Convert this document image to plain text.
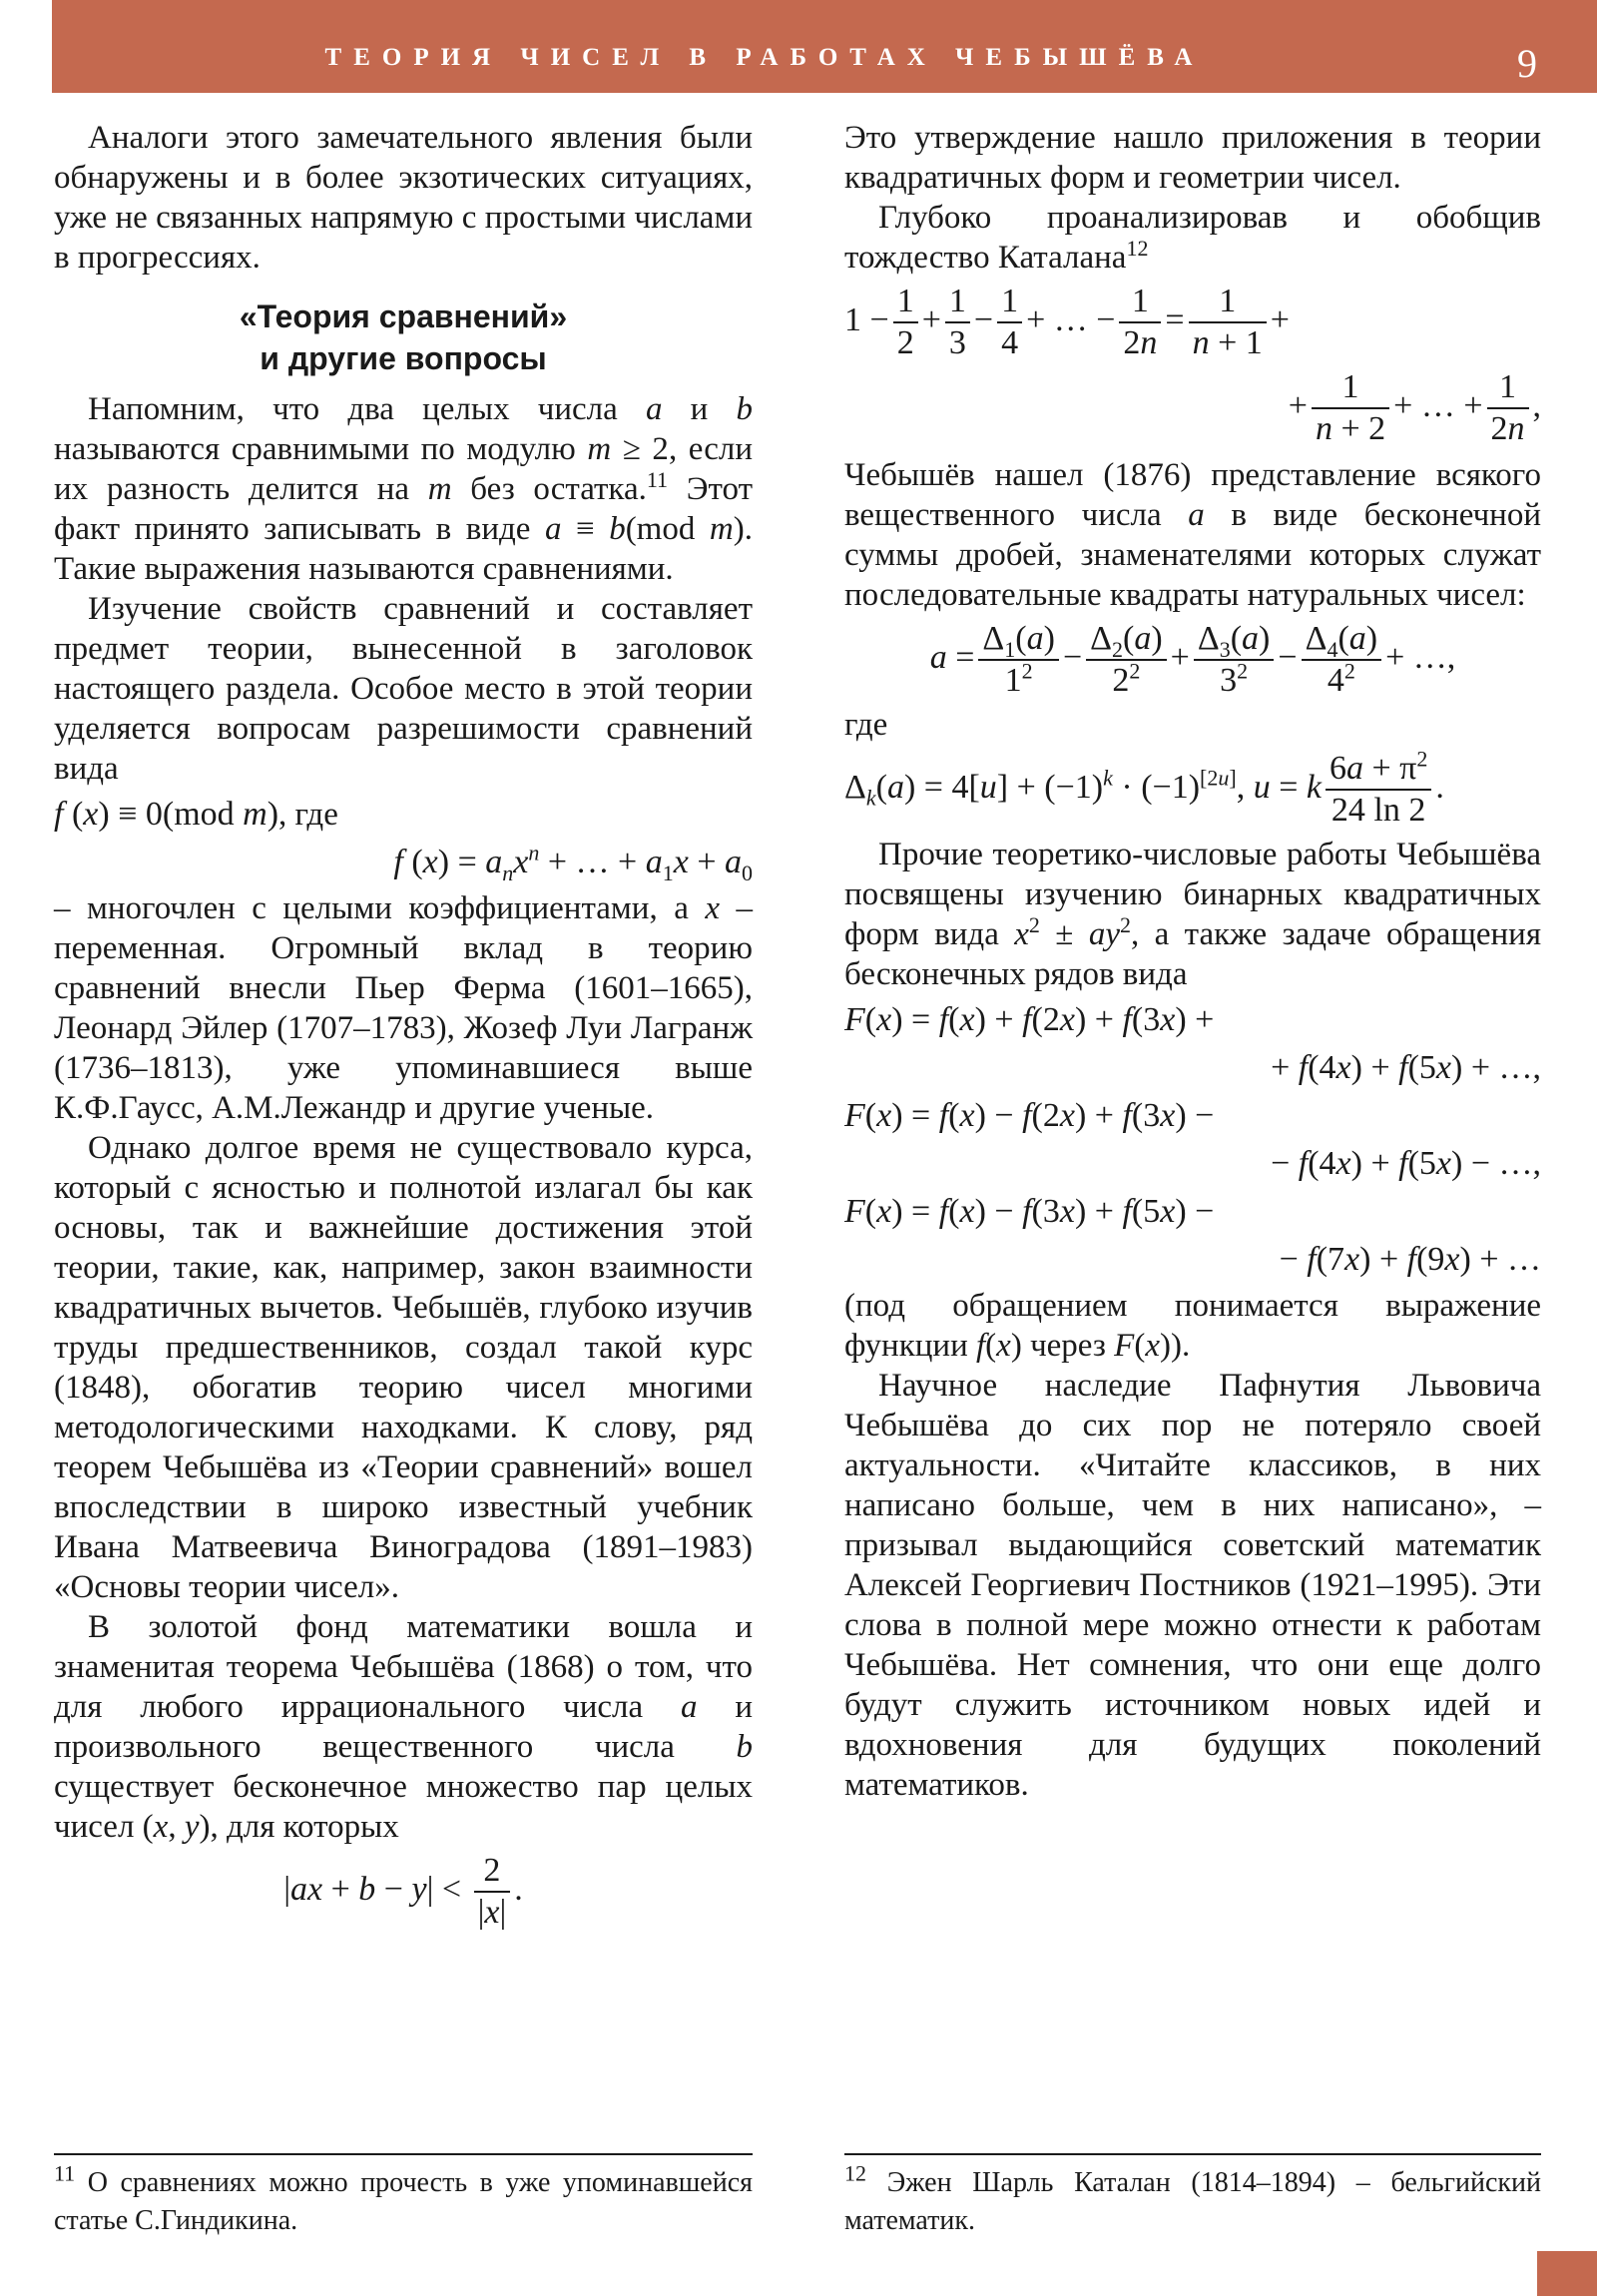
ТЕОРИЯ ЧИСЕЛ В РАБОТАХ ЧЕБЫШЁВА	9

Аналоги этого замечательного явления были обнаружены и в более экзотических ситуациях, уже не связанных напрямую с простыми числами в прогрессиях.

«Теория сравнений»
и другие вопросы

Напомним, что два целых числа a и b называются сравнимыми по модулю m ≥ 2, если их разность делится на m без остатка.$^{11}$ Этот факт принято записывать в виде a ≡ b(mod m). Такие выражения называются сравнениями.

Изучение свойств сравнений и составляет предмет теории, вынесенной в заголовок настоящего раздела. Особое место в этой теории уделяется вопросам разрешимости сравнений вида

f (x) ≡ 0(mod m), где
f $(x) = a_nx^n$ + … + $a_1x + a_0$

– многочлен с целыми коэффициентами, а x – переменная. Огромный вклад в теорию сравнений внесли Пьер Ферма (1601–1665), Леонард Эйлер (1707–1783), Жозеф Луи Лагранж (1736–1813), уже упоминавшиеся выше К.Ф.Гаусс, А.М.Лежандр и другие ученые.

Однако долгое время не существовало курса, который с ясностью и полнотой излагал бы как основы, так и важнейшие достижения этой теории, такие, как, например, закон взаимности квадратичных вычетов. Чебышёв, глубоко изучив труды предшественников, создал такой курс (1848), обогатив теорию чисел многими методологическими находками. К слову, ряд теорем Чебышёва из «Теории сравнений» вошел впоследствии в широко известный учебник Ивана Матвеевича Виноградова (1891–1983) «Основы теории чисел».

В золотой фонд математики вошла и знаменитая теорема Чебышёва (1868) о том, что для любого иррационального числа a и произвольного вещественного числа b существует бесконечное множество пар целых чисел (x, y), для которых

$|ax + b - y| < \frac{2}{|x|}$ .

Это утверждение нашло приложения в теории квадратичных форм и геометрии чисел.

Глубоко проанализировав и обобщив тождество Каталана$^{12}$

$1 - \frac{1}{2} + \frac{1}{3} - \frac{1}{4}$ + … − $\frac{1}{2n} = \frac{1}{n + 1}$ +
+ $\frac{1}{n + 2}$ + … + $\frac{1}{2n}$ ,

Чебышёв нашел (1876) представление всякого вещественного числа a в виде бесконечной суммы дробей, знаменателями которых служат последовательные квадраты натуральных чисел:

$a = \frac{\Delta_1(a)}{1^2} - \frac{\Delta_2(a)}{2^2} + \frac{\Delta_3(a)}{3^2} - \frac{\Delta_4(a)}{4^2}$ + …,

где

$\Delta_k(a) = 4[u] + (-1)^k \cdot (-1)[2u]$, u = k $\frac{6a + \pi^2}{24 \ln 2}$ .

Прочие теоретико-числовые работы Чебышёва посвящены изучению бинарных квадратичных форм вида $x^2 \pm ay^2$, а также задаче обращения бесконечных рядов вида

F(x) = f(x) + f(2x) + f(3x) +
+ f(4x) + f(5x) + …,
F(x) = f(x) − f(2x) + f(3x) −
− f(4x) + f(5x) − …,
F(x) = f(x) − f(3x) + f(5x) −
− f(7x) + f(9x) + …

(под обращением понимается выражение функции f(x) через F(x)).

Научное наследие Пафнутия Львовича Чебышёва до сих пор не потеряло своей актуальности. «Читайте классиков, в них написано больше, чем в них написано», – призывал выдающийся советский математик Алексей Георгиевич Постников (1921–1995). Эти слова в полной мере можно отнести к работам Чебышёва. Нет сомнения, что они еще долго будут служить источником новых идей и вдохновения для будущих поколений математиков.

$^{11}$ О сравнениях можно прочесть в уже упоминавшейся статье С.Гиндикина.
$^{12}$ Эжен Шарль Каталан (1814–1894) – бельгийский математик.
